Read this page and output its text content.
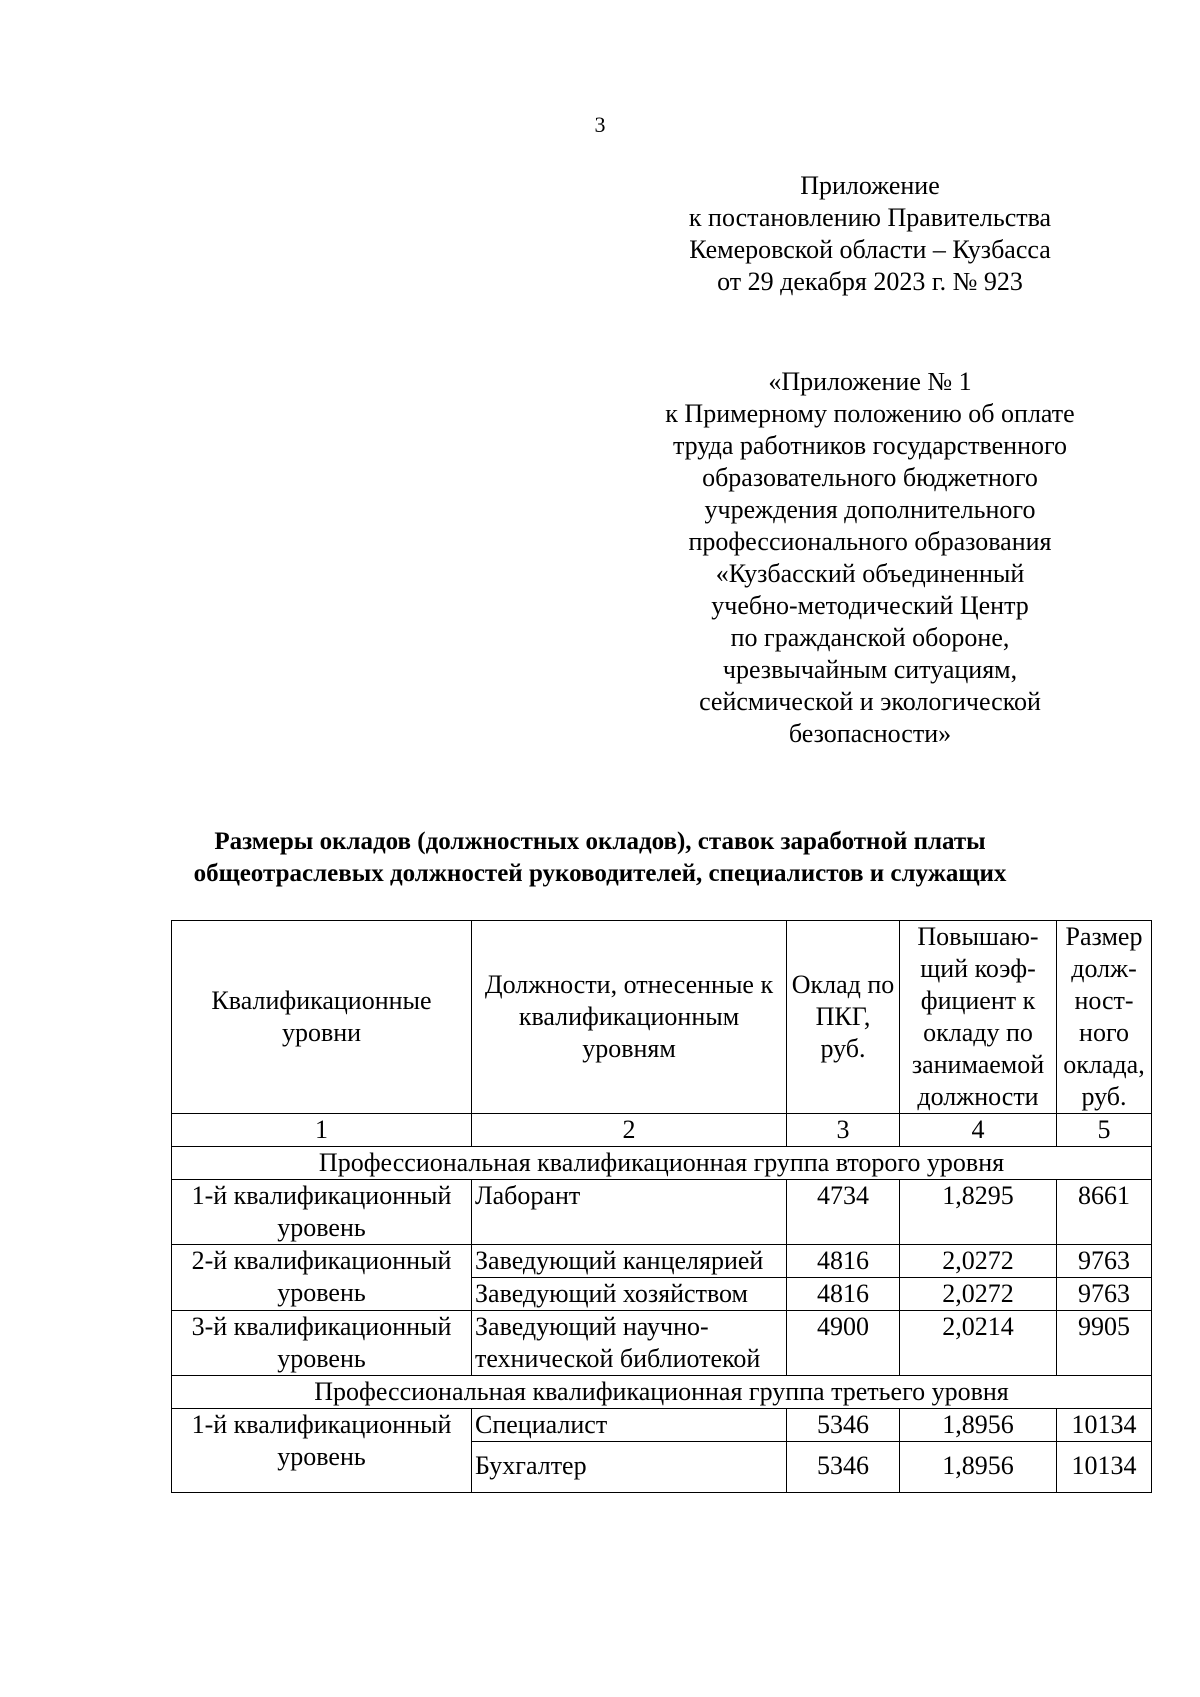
3
Приложение
к постановлению Правительства
Кемеровской области – Кузбасса
от 29 декабря 2023 г. № 923
«Приложение № 1
к Примерному положению об оплате
труда работников государственного
образовательного бюджетного
учреждения дополнительного
профессионального образования
«Кузбасский объединенный
учебно-методический Центр
по гражданской обороне,
чрезвычайным ситуациям,
сейсмической и экологической
безопасности»
Размеры окладов (должностных окладов), ставок заработной платы
общеотраслевых должностей руководителей, специалистов и служащих
Квалификационные уровни	Должности, отнесенные к квалификационным уровням	Оклад по ПКГ, руб.	Повышаю-щий коэф-фициент к окладу по занимаемой должности	Размер долж-ност-ного оклада, руб.
1	2	3	4	5
Профессиональная квалификационная группа второго уровня				
1-й квалификационный уровень	Лаборант	4734	1,8295	8661
2-й квалификационный уровень	Заведующий канцелярией	4816	2,0272	9763
	Заведующий хозяйством	4816	2,0272	9763
3-й квалификационный уровень	Заведующий научно-технической библиотекой	4900	2,0214	9905
Профессиональная квалификационная группа третьего уровня				
1-й квалификационный уровень	Специалист	5346	1,8956	10134
	Бухгалтер	5346	1,8956	10134
